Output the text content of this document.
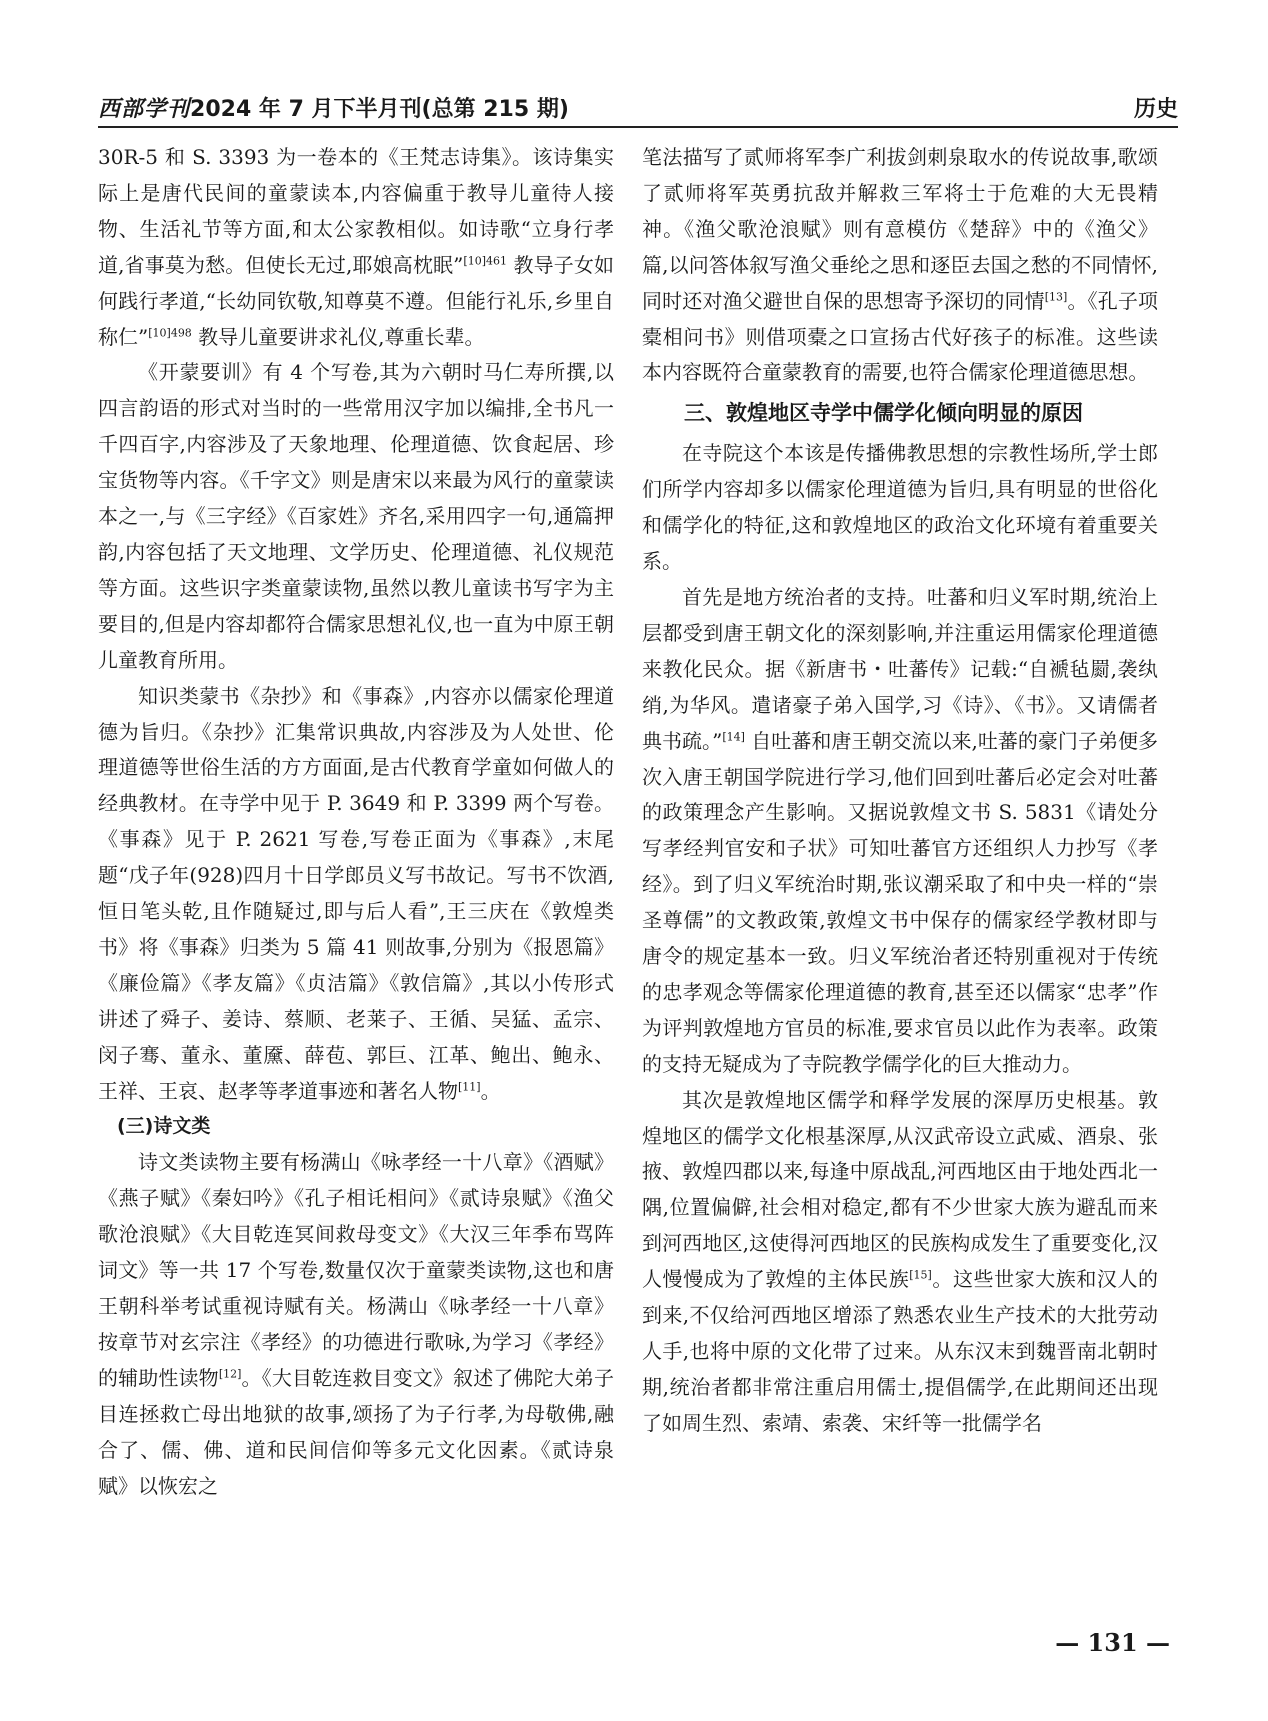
西部学刊2024 年 7 月下半月刊(总第 215 期)	历史

30R-5 和 S. 3393 为一卷本的《王梵志诗集》。该诗集实际上是唐代民间的童蒙读本,内容偏重于教导儿童待人接物、生活礼节等方面,和太公家教相似。如诗歌“立身行孝道,省事莫为愁。但使长无过,耶娘高枕眠”$^{[10]461}$ 教导子女如何践行孝道,“长幼同钦敬,知尊莫不遵。但能行礼乐,乡里自称仁”$^{[10]498}$ 教导儿童要讲求礼仪,尊重长辈。

《开蒙要训》有 4 个写卷,其为六朝时马仁寿所撰,以四言韵语的形式对当时的一些常用汉字加以编排,全书凡一千四百字,内容涉及了天象地理、伦理道德、饮食起居、珍宝货物等内容。《千字文》则是唐宋以来最为风行的童蒙读本之一,与《三字经》《百家姓》齐名,采用四字一句,通篇押韵,内容包括了天文地理、文学历史、伦理道德、礼仪规范等方面。这些识字类童蒙读物,虽然以教儿童读书写字为主要目的,但是内容却都符合儒家思想礼仪,也一直为中原王朝儿童教育所用。

知识类蒙书《杂抄》和《事森》,内容亦以儒家伦理道德为旨归。《杂抄》汇集常识典故,内容涉及为人处世、伦理道德等世俗生活的方方面面,是古代教育学童如何做人的经典教材。在寺学中见于 P. 3649 和 P. 3399 两个写卷。《事森》见于 P. 2621 写卷,写卷正面为《事森》,末尾题“戊子年(928)四月十日学郎员义写书故记。写书不饮酒,恒日笔头乾,且作随疑过,即与后人看”,王三庆在《敦煌类书》将《事森》归类为 5 篇 41 则故事,分别为《报恩篇》《廉俭篇》《孝友篇》《贞洁篇》《敦信篇》,其以小传形式讲述了舜子、姜诗、蔡顺、老莱子、王循、吴猛、孟宗、闵子骞、董永、董黡、薛苞、郭巨、江革、鲍出、鲍永、王祥、王哀、赵孝等孝道事迹和著名人物[11]。

(三)诗文类

诗文类读物主要有杨满山《咏孝经一十八章》《酒赋》《燕子赋》《秦妇吟》《孔子相讬相问》《贰诗泉赋》《渔父歌沧浪赋》《大目乾连冥间救母变文》《大汉三年季布骂阵词文》等一共 17 个写卷,数量仅次于童蒙类读物,这也和唐王朝科举考试重视诗赋有关。杨满山《咏孝经一十八章》按章节对玄宗注《孝经》的功德进行歌咏,为学习《孝经》的辅助性读物[12]。《大目乾连救目变文》叙述了佛陀大弟子目连拯救亡母出地狱的故事,颂扬了为子行孝,为母敬佛,融合了、儒、佛、道和民间信仰等多元文化因素。《贰诗泉赋》以恢宏之

笔法描写了贰师将军李广利拔剑刺泉取水的传说故事,歌颂了贰师将军英勇抗敌并解救三军将士于危难的大无畏精神。《渔父歌沧浪赋》则有意模仿《楚辞》中的《渔父》篇,以问答体叙写渔父垂纶之思和逐臣去国之愁的不同情怀,同时还对渔父避世自保的思想寄予深切的同情[13]。《孔子项橐相问书》则借项橐之口宣扬古代好孩子的标准。这些读本内容既符合童蒙教育的需要,也符合儒家伦理道德思想。

三、敦煌地区寺学中儒学化倾向明显的原因

在寺院这个本该是传播佛教思想的宗教性场所,学士郎们所学内容却多以儒家伦理道德为旨归,具有明显的世俗化和儒学化的特征,这和敦煌地区的政治文化环境有着重要关系。

首先是地方统治者的支持。吐蕃和归义军时期,统治上层都受到唐王朝文化的深刻影响,并注重运用儒家伦理道德来教化民众。据《新唐书・吐蕃传》记载:“自褫毡罽,袭纨绡,为华风。遣诸豪子弟入国学,习《诗》、《书》。又请儒者典书疏。”[14] 自吐蕃和唐王朝交流以来,吐蕃的豪门子弟便多次入唐王朝国学院进行学习,他们回到吐蕃后必定会对吐蕃的政策理念产生影响。又据说敦煌文书 S. 5831《请处分写孝经判官安和子状》可知吐蕃官方还组织人力抄写《孝经》。到了归义军统治时期,张议潮采取了和中央一样的“崇圣尊儒”的文教政策,敦煌文书中保存的儒家经学教材即与唐令的规定基本一致。归义军统治者还特别重视对于传统的忠孝观念等儒家伦理道德的教育,甚至还以儒家“忠孝”作为评判敦煌地方官员的标准,要求官员以此作为表率。政策的支持无疑成为了寺院教学儒学化的巨大推动力。

其次是敦煌地区儒学和释学发展的深厚历史根基。敦煌地区的儒学文化根基深厚,从汉武帝设立武威、酒泉、张掖、敦煌四郡以来,每逢中原战乱,河西地区由于地处西北一隅,位置偏僻,社会相对稳定,都有不少世家大族为避乱而来到河西地区,这使得河西地区的民族构成发生了重要变化,汉人慢慢成为了敦煌的主体民族[15]。这些世家大族和汉人的到来,不仅给河西地区增添了熟悉农业生产技术的大批劳动人手,也将中原的文化带了过来。从东汉末到魏晋南北朝时期,统治者都非常注重启用儒士,提倡儒学,在此期间还出现了如周生烈、索靖、索袭、宋纤等一批儒学名

— 131 —
